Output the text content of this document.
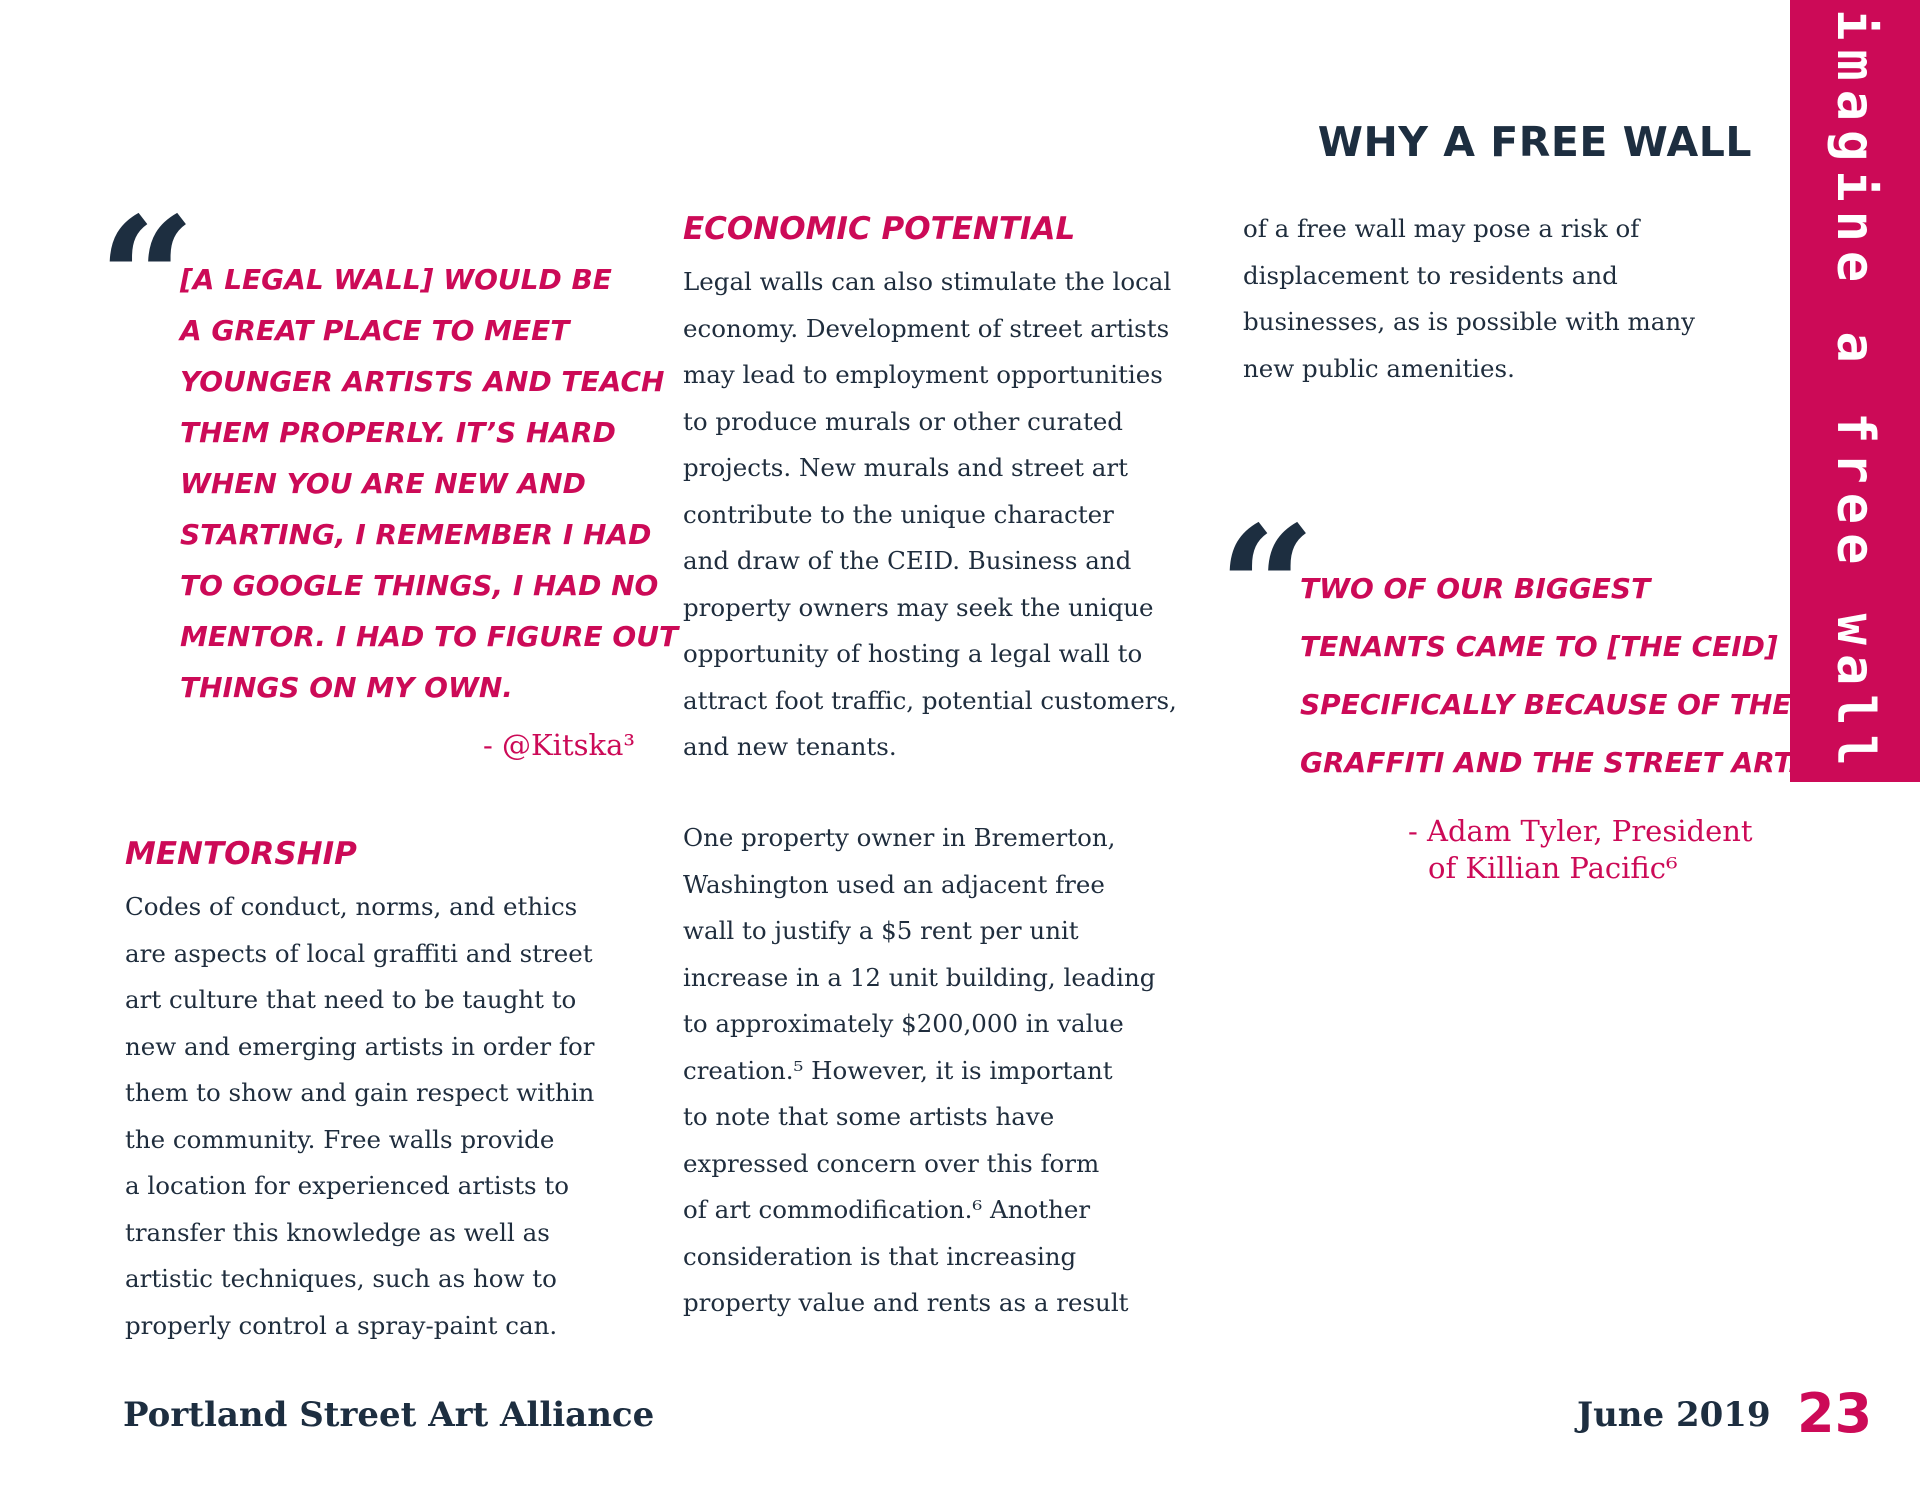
imagine a free wall
WHY A FREE WALL
“
[A LEGAL WALL] WOULD BE
A GREAT PLACE TO MEET
YOUNGER ARTISTS AND TEACH
THEM PROPERLY. IT’S HARD
WHEN YOU ARE NEW AND
STARTING, I REMEMBER I HAD
TO GOOGLE THINGS, I HAD NO
MENTOR. I HAD TO FIGURE OUT
THINGS ON MY OWN.
- @Kitska³
MENTORSHIP
Codes of conduct, norms, and ethics
are aspects of local graffiti and street
art culture that need to be taught to
new and emerging artists in order for
them to show and gain respect within
the community. Free walls provide
a location for experienced artists to
transfer this knowledge as well as
artistic techniques, such as how to
properly control a spray-paint can.
ECONOMIC POTENTIAL
Legal walls can also stimulate the local
economy. Development of street artists
may lead to employment opportunities
to produce murals or other curated
projects. New murals and street art
contribute to the unique character
and draw of the CEID. Business and
property owners may seek the unique
opportunity of hosting a legal wall to
attract foot traffic, potential customers,
and new tenants.
One property owner in Bremerton,
Washington used an adjacent free
wall to justify a $5 rent per unit
increase in a 12 unit building, leading
to approximately $200,000 in value
creation.⁵ However, it is important
to note that some artists have
expressed concern over this form
of art commodification.⁶ Another
consideration is that increasing
property value and rents as a result
of a free wall may pose a risk of
displacement to residents and
businesses, as is possible with many
new public amenities.
“
TWO OF OUR BIGGEST
TENANTS CAME TO [THE CEID]
SPECIFICALLY BECAUSE OF THE
GRAFFITI AND THE STREET ART.
- Adam Tyler, President
of Killian Pacific⁶
Portland Street Art Alliance	June 2019 23
